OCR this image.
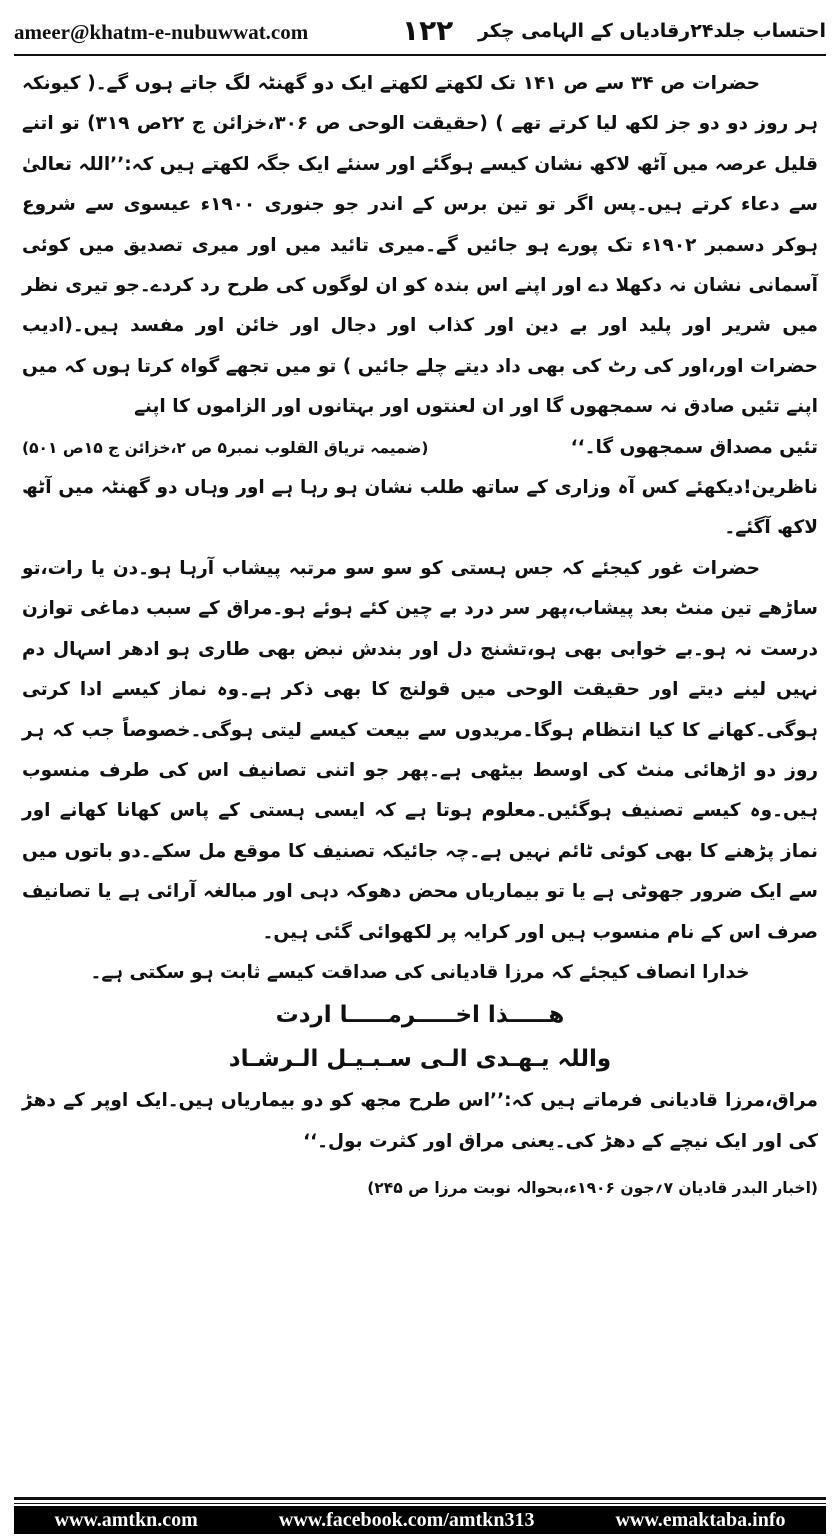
ameer@khatm-e-nubuwwat.com	۱۲۲ احتساب جلد۲۴رقادیاں کے الہامی چکر

حضرات ص ۳۴ سے ص ۱۴۱ تک لکھتے لکھتے ایک دو گھنٹہ لگ جاتے ہوں گے۔( کیونکہ ہر روز دو دو جز لکھ لیا کرتے تھے ) (حقیقت الوحی ص ۳۰۶،خزائن ج ۲۲ص ۳۱۹) تو اتنے قلیل عرصہ میں آٹھ لاکھ نشان کیسے ہوگئے اور سنئے ایک جگہ لکھتے ہیں کہ:’’اللہ تعالیٰ سے دعاء کرتے ہیں۔پس اگر تو تین برس کے اندر جو جنوری ۱۹۰۰ء عیسوی سے شروع ہوکر دسمبر ۱۹۰۲ء تک پورے ہو جائیں گے۔میری تائید میں اور میری تصدیق میں کوئی آسمانی نشان نہ دکھلا دے اور اپنے اس بندہ کو ان لوگوں کی طرح رد کردے۔جو تیری نظر میں شریر اور پلید اور بے دین اور کذاب اور دجال اور خائن اور مفسد ہیں۔(ادیب حضرات اور،اور کی رٹ کی بھی داد دیتے چلے جائیں ) تو میں تجھے گواہ کرتا ہوں کہ میں اپنے تئیں صادق نہ سمجھوں گا اور ان لعنتوں اور بہتانوں اور الزاموں کا اپنے

تئیں مصداق سمجھوں گا۔‘‘
(ضمیمہ تریاق القلوب نمبر۵ ص ۲،خزائن ج ۱۵ص ۵۰۱)

ناظرین!دیکھئے کس آہ وزاری کے ساتھ طلب نشان ہو رہا ہے اور وہاں دو گھنٹہ میں آٹھ لاکھ آگئے۔

حضرات غور کیجئے کہ جس ہستی کو سو سو مرتبہ پیشاب آرہا ہو۔دن یا رات،تو ساڑھے تین منٹ بعد پیشاب،پھر سر درد بے چین کئے ہوئے ہو۔مراق کے سبب دماغی توازن درست نہ ہو۔بے خوابی بھی ہو،تشنج دل اور بندش نبض بھی طاری ہو ادھر اسہال دم نہیں لینے دیتے اور حقیقت الوحی میں قولنج کا بھی ذکر ہے۔وہ نماز کیسے ادا کرتی ہوگی۔کھانے کا کیا انتظام ہوگا۔مریدوں سے بیعت کیسے لیتی ہوگی۔خصوصاً جب کہ ہر روز دو اڑھائی منٹ کی اوسط بیٹھی ہے۔پھر جو اتنی تصانیف اس کی طرف منسوب ہیں۔وہ کیسے تصنیف ہوگئیں۔معلوم ہوتا ہے کہ ایسی ہستی کے پاس کھانا کھانے اور نماز پڑھنے کا بھی کوئی ٹائم نہیں ہے۔چہ جائیکہ تصنیف کا موقع مل سکے۔دو باتوں میں سے ایک ضرور جھوٹی ہے یا تو بیماریاں محض دھوکہ دہی اور مبالغہ آرائی ہے یا تصانیف صرف اس کے نام منسوب ہیں اور کرایہ پر لکھوائی گئی ہیں۔

خدارا انصاف کیجئے کہ مرزا قادیانی کی صداقت کیسے ثابت ہو سکتی ہے۔

ھـــــذا اخـــــرمـــــا اردت

واللہ یـهـدی الـی سـبـیـل الـرشـاد

مراق،مرزا قادیانی فرماتے ہیں کہ:’’اس طرح مجھ کو دو بیماریاں ہیں۔ایک اوپر کے دھڑ کی اور ایک نیچے کے دھڑ کی۔یعنی مراق اور کثرت بول۔‘‘

(اخبار البدر قادیان ۷؍جون ۱۹۰۶ء،بحوالہ نوبت مرزا ص ۲۴۵)

www.amtkn.com	www.facebook.com/amtkn313	www.emaktaba.info
